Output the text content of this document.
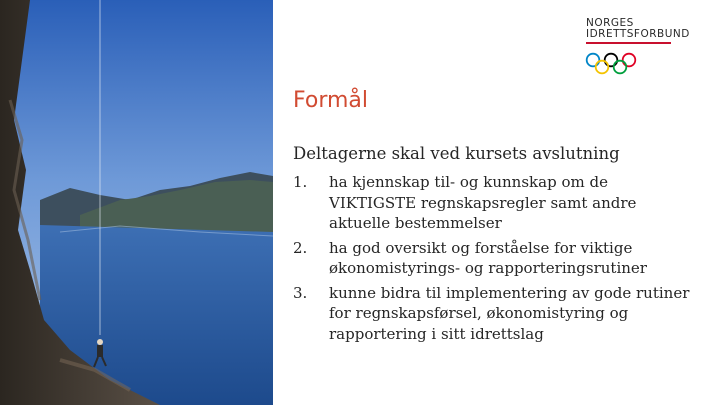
NORGES
IDRETTSFORBUND
Formål

Deltagerne skal ved kursets avslutning

1. ha kjennskap til- og kunnskap om de VIKTIGSTE regnskapsregler samt andre aktuelle bestemmelser
2. ha god oversikt og forståelse for viktige økonomistyrings- og rapporteringsrutiner
3. kunne bidra til implementering av gode rutiner for regnskapsførsel, økonomistyring og rapportering i sitt idrettslag
